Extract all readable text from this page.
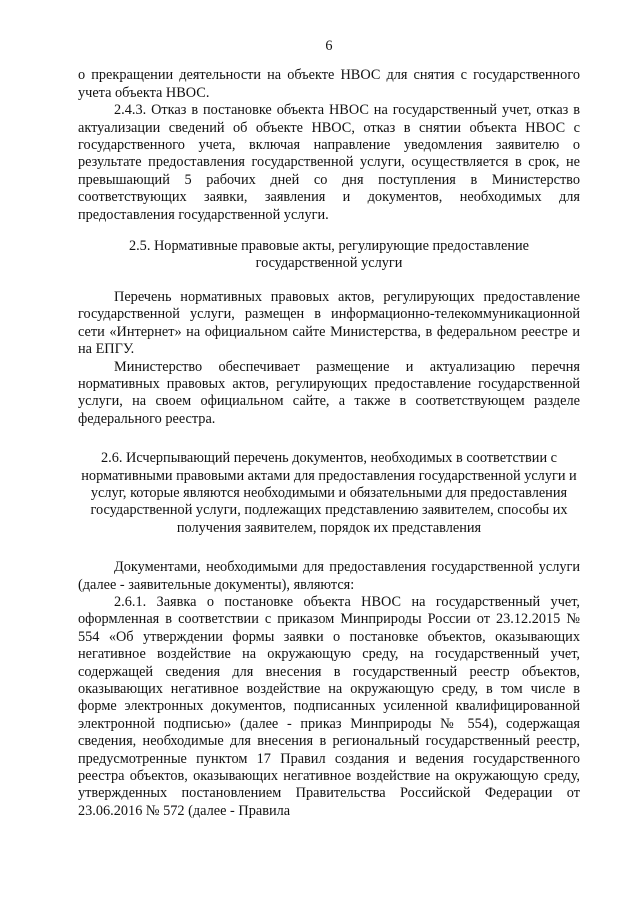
6

о прекращении деятельности на объекте НВОС для снятия с государственного учета объекта НВОС.

2.4.3. Отказ в постановке объекта НВОС на государственный учет, отказ в актуализации сведений об объекте НВОС, отказ в снятии объекта НВОС с государственного учета, включая направление уведомления заявителю о результате предоставления государственной услуги, осуществляется в срок, не превышающий 5 рабочих дней со дня поступления в Министерство соответствующих заявки, заявления и документов, необходимых для предоставления государственной услуги.

2.5. Нормативные правовые акты, регулирующие предоставление государственной услуги

Перечень нормативных правовых актов, регулирующих предоставление государственной услуги, размещен в информационно-телекоммуникационной сети «Интернет» на официальном сайте Министерства, в федеральном реестре и на ЕПГУ.

Министерство обеспечивает размещение и актуализацию перечня нормативных правовых актов, регулирующих предоставление государственной услуги, на своем официальном сайте, а также в соответствующем разделе федерального реестра.

2.6. Исчерпывающий перечень документов, необходимых в соответствии с нормативными правовыми актами для предоставления государственной услуги и услуг, которые являются необходимыми и обязательными для предоставления государственной услуги, подлежащих представлению заявителем, способы их получения заявителем, порядок их представления

Документами, необходимыми для предоставления государственной услуги (далее - заявительные документы), являются:

2.6.1. Заявка о постановке объекта НВОС на государственный учет, оформленная в соответствии с приказом Минприроды России от 23.12.2015 № 554 «Об утверждении формы заявки о постановке объектов, оказывающих негативное воздействие на окружающую среду, на государственный учет, содержащей сведения для внесения в государственный реестр объектов, оказывающих негативное воздействие на окружающую среду, в том числе в форме электронных документов, подписанных усиленной квалифицированной электронной подписью» (далее - приказ Минприроды № 554), содержащая сведения, необходимые для внесения в региональный государственный реестр, предусмотренные пунктом 17 Правил создания и ведения государственного реестра объектов, оказывающих негативное воздействие на окружающую среду, утвержденных постановлением Правительства Российской Федерации от 23.06.2016 № 572 (далее - Правила
